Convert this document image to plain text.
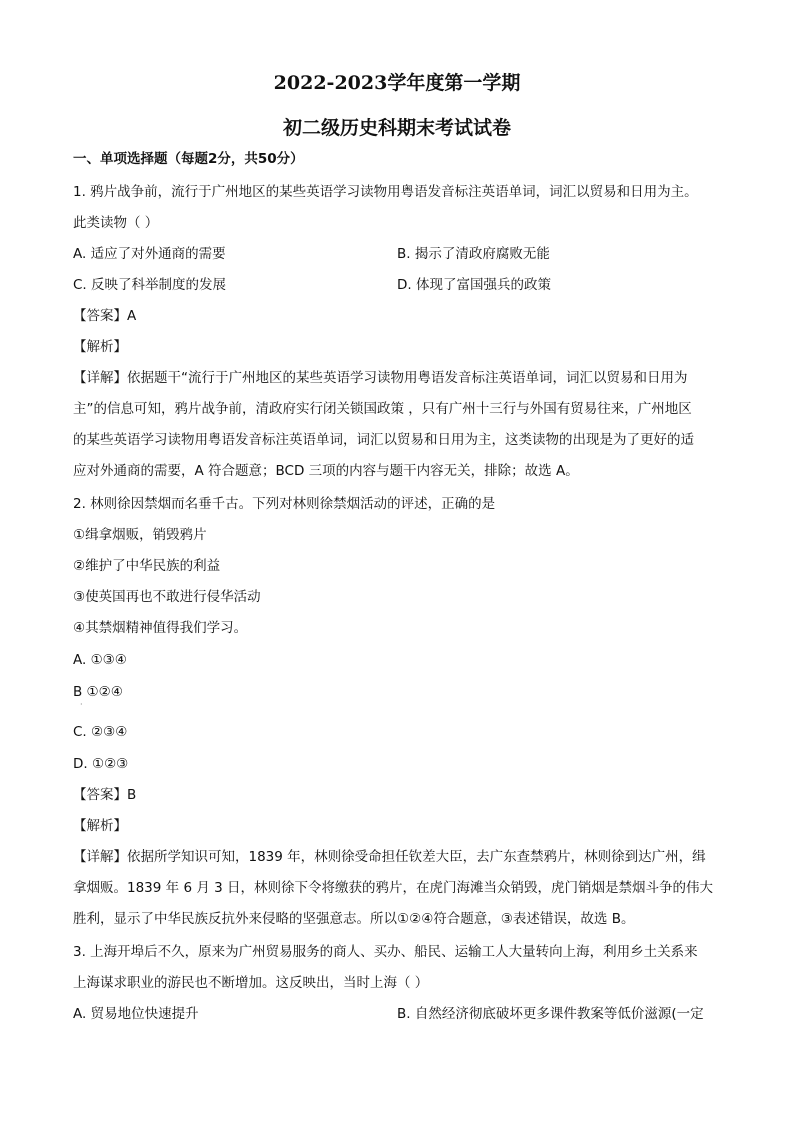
2022-2023学年度第一学期
初二级历史科期末考试试卷
一、单项选择题（每题2分，共50分）
1. 鸦片战争前，流行于广州地区的某些英语学习读物用粤语发音标注英语单词，词汇以贸易和日用为主。
此类读物（ ）
A. 适应了对外通商的需要	B. 揭示了清政府腐败无能
C. 反映了科举制度的发展	D. 体现了富国强兵的政策
【答案】A
【解析】
【详解】依据题干“流行于广州地区的某些英语学习读物用粤语发音标注英语单词，词汇以贸易和日用为
主”的信息可知，鸦片战争前，清政府实行闭关锁国政策 ，只有广州十三行与外国有贸易往来，广州地区
的某些英语学习读物用粤语发音标注英语单词，词汇以贸易和日用为主，这类读物的出现是为了更好的适
应对外通商的需要，A 符合题意；BCD 三项的内容与题干内容无关，排除；故选 A。
2. 林则徐因禁烟而名垂千古。下列对林则徐禁烟活动的评述，正确的是
①缉拿烟贩，销毁鸦片
②维护了中华民族的利益
③使英国再也不敢进行侵华活动
④其禁烟精神值得我们学习。
A. ①③④
B ①②④
·
C. ②③④
D. ①②③
【答案】B
【解析】
【详解】依据所学知识可知，1839 年，林则徐受命担任钦差大臣，去广东查禁鸦片，林则徐到达广州，缉
拿烟贩。1839 年 6 月 3 日，林则徐下令将缴获的鸦片，在虎门海滩当众销毁，虎门销烟是禁烟斗争的伟大
胜利，显示了中华民族反抗外来侵略的坚强意志。所以①②④符合题意，③表述错误，故选 B。
3. 上海开埠后不久，原来为广州贸易服务的商人、买办、船民、运输工人大量转向上海，利用乡土关系来
上海谋求职业的游民也不断增加。这反映出，当时上海（ ）
A. 贸易地位快速提升	B. 自然经济彻底破坏更多课件教案等低价滋源(一定
